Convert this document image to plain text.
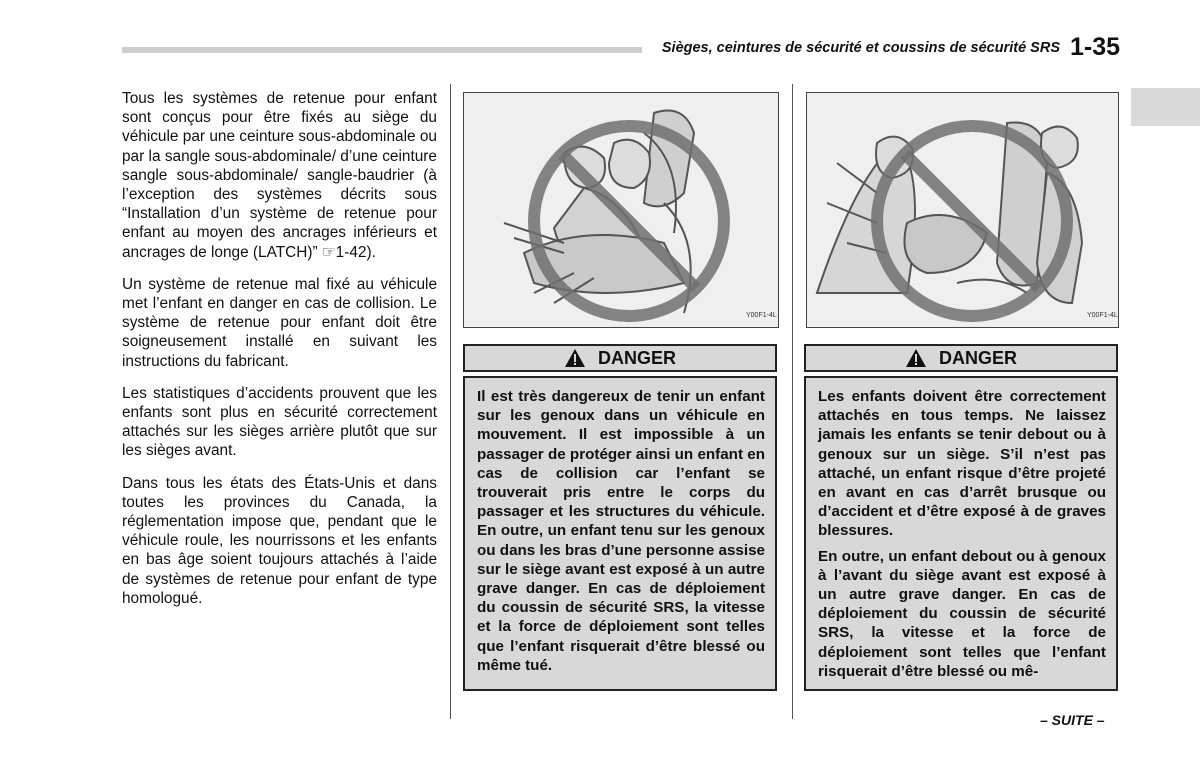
Sièges, ceintures de sécurité et coussins de sécurité SRS 1-35

Tous les systèmes de retenue pour enfant sont conçus pour être fixés au siège du véhicule par une ceinture sous-abdominale ou par la sangle sous-abdominale/ d’une ceinture sangle sous-abdominale/ sangle-baudrier (à l’exception des systèmes décrits sous “Installation d’un système de retenue pour enfant au moyen des ancrages inférieurs et ancrages de longe (LATCH)” ☞1-42).

Un système de retenue mal fixé au véhicule met l’enfant en danger en cas de collision. Le système de retenue pour enfant doit être soigneusement installé en suivant les instructions du fabricant.

Les statistiques d’accidents prouvent que les enfants sont plus en sécurité correctement attachés sur les sièges arrière plutôt que sur les sièges avant.

Dans tous les états des États-Unis et dans toutes les provinces du Canada, la réglementation impose que, pendant que le véhicule roule, les nourrissons et les enfants en bas âge soient toujours attachés à l’aide de systèmes de retenue pour enfant de type homologué.

Y00F1-4L	Y00F1-4L
DANGER

Il est très dangereux de tenir un enfant sur les genoux dans un véhicule en mouvement. Il est impossible à un passager de protéger ainsi un enfant en cas de collision car l’enfant se trouverait pris entre le corps du passager et les structures du véhicule. En outre, un enfant tenu sur les genoux ou dans les bras d’une personne assise sur le siège avant est exposé à un autre grave danger. En cas de déploiement du coussin de sécurité SRS, la vitesse et la force de déploiement sont telles que l’enfant risquerait d’être blessé ou même tué.

DANGER

Les enfants doivent être correctement attachés en tous temps. Ne laissez jamais les enfants se tenir debout ou à genoux sur un siège. S’il n’est pas attaché, un enfant risque d’être projeté en avant en cas d’arrêt brusque ou d’accident et d’être exposé à de graves blessures.

En outre, un enfant debout ou à genoux à l’avant du siège avant est exposé à un autre grave danger. En cas de déploiement du coussin de sécurité SRS, la vitesse et la force de déploiement sont telles que l’enfant risquerait d’être blessé ou mê-

– SUITE –
